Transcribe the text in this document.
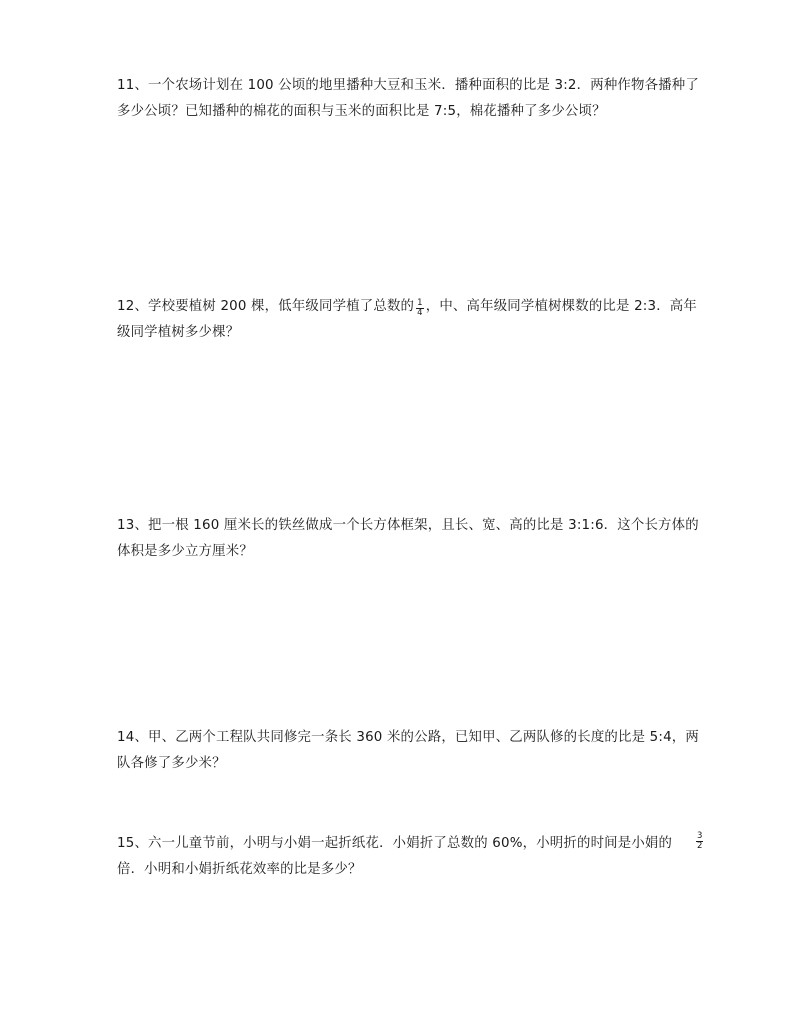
11、一个农场计划在 100 公顷的地里播种大豆和玉米．播种面积的比是 3:2．两种作物各播种了
多少公顷？已知播种的棉花的面积与玉米的面积比是 7:5，棉花播种了多少公顷？
12、学校要植树 200 棵，低年级同学植了总数的 $\frac{1}{4}$ ，中、高年级同学植树棵数的比是 2:3．高年
级同学植树多少棵？
13、把一根 160 厘米长的铁丝做成一个长方体框架，且长、宽、高的比是 3:1:6．这个长方体的
体积是多少立方厘米？
14、甲、乙两个工程队共同修完一条长 360 米的公路，已知甲、乙两队修的长度的比是 5:4，两
队各修了多少米？
15、六一儿童节前，小明与小娟一起折纸花．小娟折了总数的 60%，小明折的时间是小娟的
倍．小明和小娟折纸花效率的比是多少？
$\frac{3}{2}$
